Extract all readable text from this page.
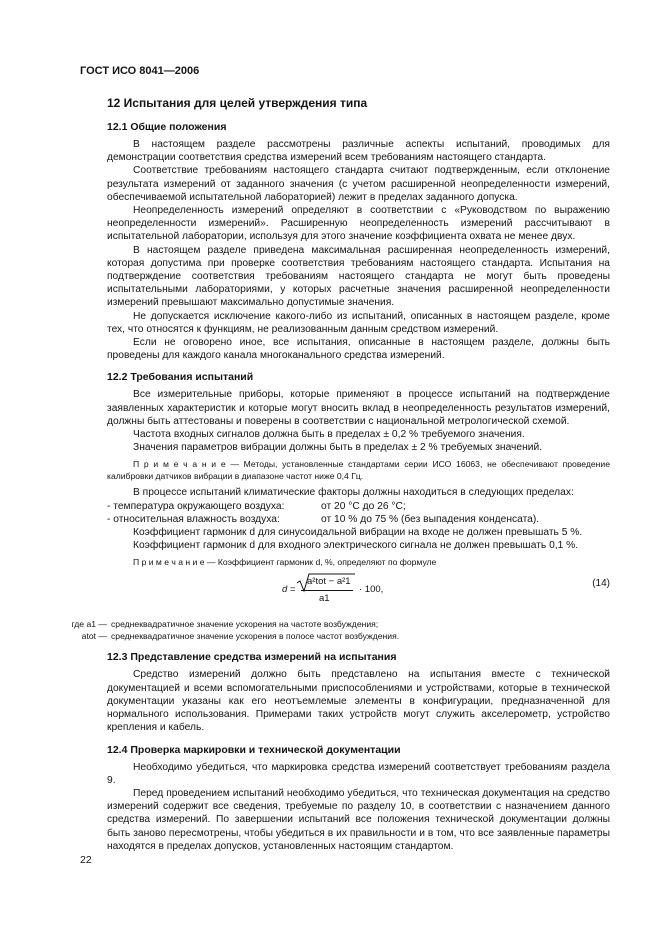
ГОСТ ИСО 8041—2006
12 Испытания для целей утверждения типа
12.1 Общие положения

В настоящем разделе рассмотрены различные аспекты испытаний, проводимых для демонстрации соответствия средства измерений всем требованиям настоящего стандарта.

Соответствие требованиям настоящего стандарта считают подтвержденным, если отклонение результата измерений от заданного значения (с учетом расширенной неопределенности измерений, обеспечиваемой испытательной лабораторией) лежит в пределах заданного допуска.

Неопределенность измерений определяют в соответствии с «Руководством по выражению неопределенности измерений». Расширенную неопределенность измерений рассчитывают в испытательной лаборатории, используя для этого значение коэффициента охвата не менее двух.

В настоящем разделе приведена максимальная расширенная неопределенность измерений, которая допустима при проверке соответствия требованиям настоящего стандарта. Испытания на подтверждение соответствия требованиям настоящего стандарта не могут быть проведены испытательными лабораториями, у которых расчетные значения расширенной неопределенности измерений превышают максимально допустимые значения.

Не допускается исключение какого-либо из испытаний, описанных в настоящем разделе, кроме тех, что относятся к функциям, не реализованным данным средством измерений.

Если не оговорено иное, все испытания, описанные в настоящем разделе, должны быть проведены для каждого канала многоканального средства измерений.

12.2 Требования испытаний

Все измерительные приборы, которые применяют в процессе испытаний на подтверждение заявленных характеристик и которые могут вносить вклад в неопределенность результатов измерений, должны быть аттестованы и поверены в соответствии с национальной метрологической схемой.

Частота входных сигналов должна быть в пределах ± 0,2 % требуемого значения.

Значения параметров вибрации должны быть в пределах ± 2 % требуемых значений.

П р и м е ч а н и е — Методы, установленные стандартами серии ИСО 16063, не обеспечивают проведение калибровки датчиков вибрации в диапазоне частот ниже 0,4 Гц.

В процессе испытаний климатические факторы должны находиться в следующих пределах:

- температура окружающего воздуха:	от 20 °С до 26 °С;
- относительная влажность воздуха:	от 10 % до 75 % (без выпадения конденсата).

Коэффициент гармоник d для синусоидальной вибрации на входе не должен превышать 5 %.

Коэффициент гармоник d для входного электрического сигнала не должен превышать 0,1 %.

П р и м е ч а н и е — Коэффициент гармоник d, %, определяют по формуле

d =
a²tot − a²1
a1
· 100,
(14)
где a1 — среднеквадратичное значение ускорения на частоте возбуждения;
atot — среднеквадратичное значение ускорения в полосе частот возбуждения.
12.3 Представление средства измерений на испытания

Средство измерений должно быть представлено на испытания вместе с технической документацией и всеми вспомогательными приспособлениями и устройствами, которые в технической документации указаны как его неотъемлемые элементы в конфигурации, предназначенной для нормального использования. Примерами таких устройств могут служить акселерометр, устройство крепления и кабель.

12.4 Проверка маркировки и технической документации

Необходимо убедиться, что маркировка средства измерений соответствует требованиям раздела 9.

Перед проведением испытаний необходимо убедиться, что техническая документация на средство измерений содержит все сведения, требуемые по разделу 10, в соответствии с назначением данного средства измерений. По завершении испытаний все положения технической документации должны быть заново пересмотрены, чтобы убедиться в их правильности и в том, что все заявленные параметры находятся в пределах допусков, установленных настоящим стандартом.

22
